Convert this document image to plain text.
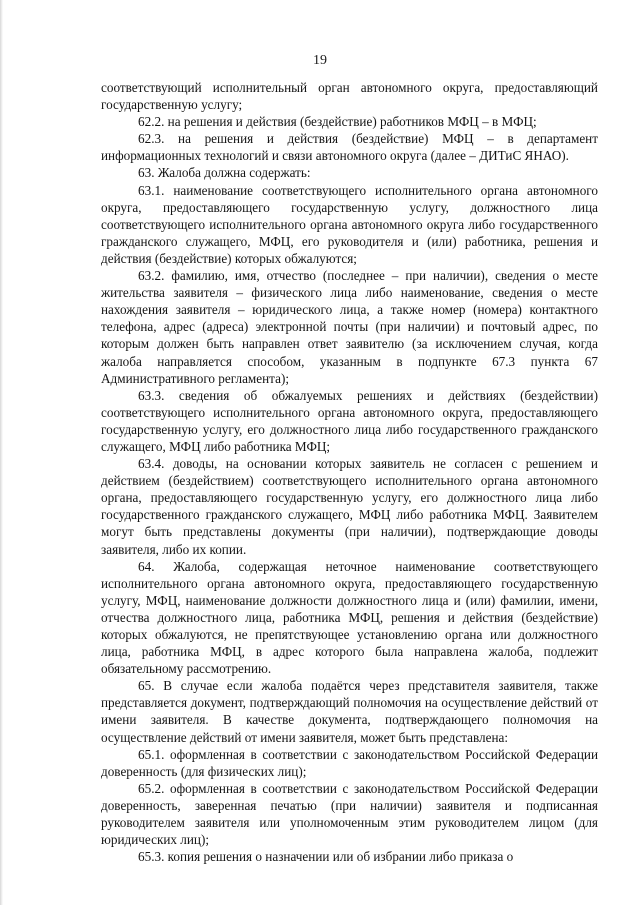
19

соответствующий исполнительный орган автономного округа, предоставляющий государственную услугу;

62.2. на решения и действия (бездействие) работников МФЦ – в МФЦ;

62.3. на решения и действия (бездействие) МФЦ – в департамент информационных технологий и связи автономного округа (далее – ДИТиС ЯНАО).

63. Жалоба должна содержать:

63.1. наименование соответствующего исполнительного органа автономного округа, предоставляющего государственную услугу, должностного лица соответствующего исполнительного органа автономного округа либо государственного гражданского служащего, МФЦ, его руководителя и (или) работника, решения и действия (бездействие) которых обжалуются;

63.2. фамилию, имя, отчество (последнее – при наличии), сведения о месте жительства заявителя – физического лица либо наименование, сведения о месте нахождения заявителя – юридического лица, а также номер (номера) контактного телефона, адрес (адреса) электронной почты (при наличии) и почтовый адрес, по которым должен быть направлен ответ заявителю (за исключением случая, когда жалоба направляется способом, указанным в подпункте 67.3 пункта 67 Административного регламента);

63.3. сведения об обжалуемых решениях и действиях (бездействии) соответствующего исполнительного органа автономного округа, предоставляющего государственную услугу, его должностного лица либо государственного гражданского служащего, МФЦ либо работника МФЦ;

63.4. доводы, на основании которых заявитель не согласен с решением и действием (бездействием) соответствующего исполнительного органа автономного органа, предоставляющего государственную услугу, его должностного лица либо государственного гражданского служащего, МФЦ либо работника МФЦ. Заявителем могут быть представлены документы (при наличии), подтверждающие доводы заявителя, либо их копии.

64. Жалоба, содержащая неточное наименование соответствующего исполнительного органа автономного округа, предоставляющего государственную услугу, МФЦ, наименование должности должностного лица и (или) фамилии, имени, отчества должностного лица, работника МФЦ, решения и действия (бездействие) которых обжалуются, не препятствующее установлению органа или должностного лица, работника МФЦ, в адрес которого была направлена жалоба, подлежит обязательному рассмотрению.

65. В случае если жалоба подаётся через представителя заявителя, также представляется документ, подтверждающий полномочия на осуществление действий от имени заявителя. В качестве документа, подтверждающего полномочия на осуществление действий от имени заявителя, может быть представлена:

65.1. оформленная в соответствии с законодательством Российской Федерации доверенность (для физических лиц);

65.2. оформленная в соответствии с законодательством Российской Федерации доверенность, заверенная печатью (при наличии) заявителя и подписанная руководителем заявителя или уполномоченным этим руководителем лицом (для юридических лиц);

65.3. копия решения о назначении или об избрании либо приказа о
